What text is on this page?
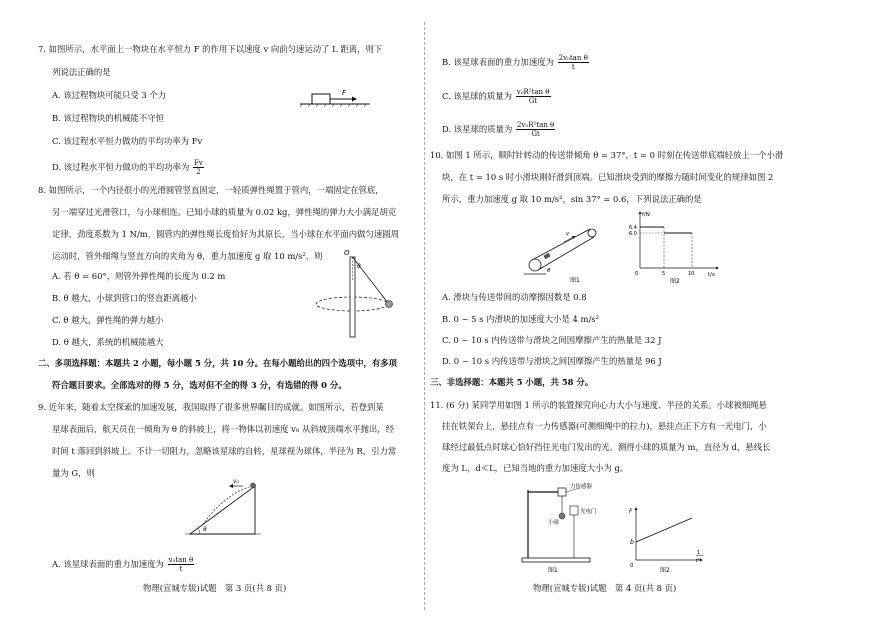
7. 如图所示，水平面上一物块在水平恒力 F 的作用下以速度 v 向前匀速运动了 L 距离，则下
列说法正确的是
A. 该过程物块可能只受 3 个力
B. 该过程物块的机械能不守恒
C. 该过程水平恒力做功的平均功率为 Fv
D. 该过程水平恒力做功的平均功率为 $\frac{Fv}{2}$
F
8. 如图所示，一个内径很小的光滑圆管竖直固定，一轻质弹性绳置于管内，一端固定在管底，
另一端穿过光滑管口，与小球相连。已知小球的质量为 0.02 kg，弹性绳的弹力大小满足胡克
定律，劲度系数为 1 N/m，圆管内的弹性绳长度恰好为其原长，当小球在水平面内做匀速圆周
运动时，管外细绳与竖直方向的夹角为 θ，重力加速度 g 取 10 m/s²，则
A. 若 θ = 60°，则管外弹性绳的长度为 0.2 m
B. θ 越大，小球到管口的竖直距离越小
C. θ 越大，弹性绳的弹力越小
D. θ 越大，系统的机械能越大
O
θ
二、多项选择题：本题共 2 小题，每小题 5 分，共 10 分。在每小题给出的四个选项中，有多项
符合题目要求。全部选对的得 5 分，选对但不全的得 3 分，有选错的得 0 分。
9. 近年来，随着太空探索的加速发展，我国取得了很多世界瞩目的成就。如图所示，若登到某
星球表面后，航天员在一倾角为 θ 的斜坡上，将一物体以初速度 v₀ 从斜坡顶端水平抛出，经
时间 t 落回到斜坡上。不计一切阻力，忽略该星球的自转，星球视为球体，半径为 R，引力常
量为 G，则
v₀
θ
A. 该星球表面的重力加速度为 $\frac{\text{v₀tan θ}}{t}$
物理(宣城专版)试题　第 3 页(共 8 页)
B. 该星球表面的重力加速度为 $\frac{\text{2v₀tan θ}}{t}$
C. 该星球的质量为 $\frac{\text{v₀R²tan θ}}{Gt}$
D. 该星球的质量为 $\frac{\text{2v₀R²tan θ}}{Gt}$
10. 如图 1 所示，顺时针转动的传送带倾角 θ = 37°，t = 0 时刻在传送带底端轻放上一个小滑
块，在 t = 10 s 时小滑块刚好滑到顶端。已知滑块受到的摩擦力随时间变化的规律如图 2
所示，重力加速度 g 取 10 m/s²，sin 37° = 0.6，下列说法正确的是
v
θ
图1
f/N
t/s
6.4
6.0
0	5	10
图2
A. 滑块与传送带间的动摩擦因数是 0.8
B. 0 ~ 5 s 内滑块的加速度大小是 4 m/s²
C. 0 ~ 10 s 内传送带与滑块之间因摩擦产生的热量是 32 J
D. 0 ~ 10 s 内传送带与滑块之间因摩擦产生的热量是 96 J
三、非选择题：本题共 5 小题，共 58 分。
11. (6 分) 某同学用如图 1 所示的装置探究向心力大小与速度、半径的关系。小球被细绳悬
挂在铁架台上，悬挂点有一力传感器(可测细绳中的拉力)，悬挂点正下方有一光电门，小
球经过最低点时球心恰好挡住光电门发出的光。测得小球的质量为 m，直径为 d，悬线长
度为 L，d≪L，已知当地的重力加速度大小为 g。
力传感器
小球
光电门
图1
F
b
0
1
t²
图2
物理(宣城专版)试题　第 4 页(共 8 页)
